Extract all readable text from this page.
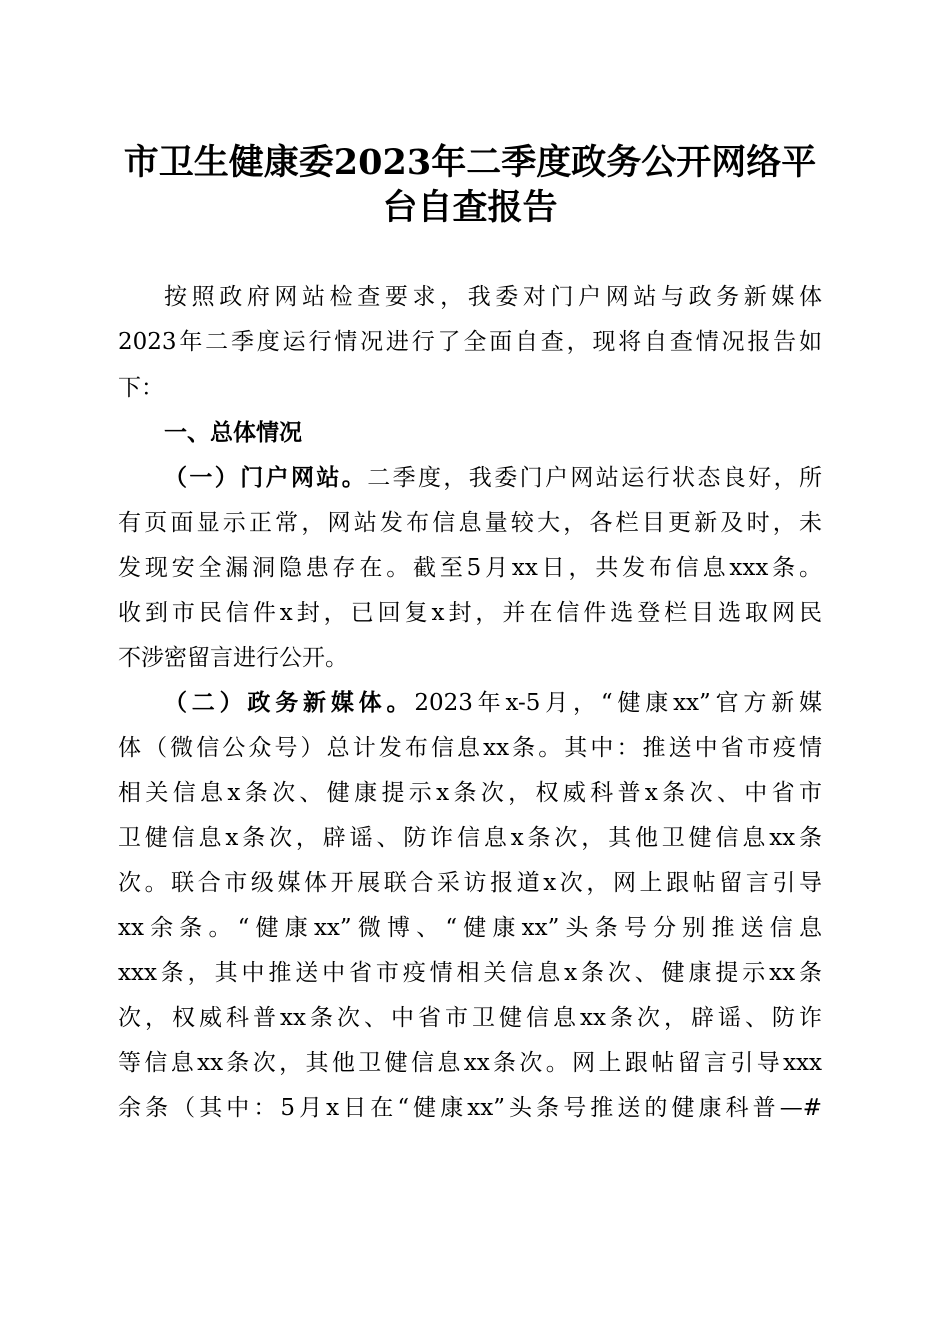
市卫生健康委2023年二季度政务公开网络平
台自查报告
按照政府网站检查要求，我委对门户网站与政务新媒体
2023年二季度运行情况进行了全面自查，现将自查情况报告如
下：
一、总体情况
（一）门户网站。二季度，我委门户网站运行状态良好，所
有页面显示正常，网站发布信息量较大，各栏目更新及时，未
发现安全漏洞隐患存在。截至5月xx日，共发布信息xxx条。
收到市民信件x封，已回复x封，并在信件选登栏目选取网民
不涉密留言进行公开。
（二）政务新媒体。2023年x-5月，“健康xx”官方新媒
体（微信公众号）总计发布信息xx条。其中：推送中省市疫情
相关信息x条次、健康提示x条次，权威科普x条次、中省市
卫健信息x条次，辟谣、防诈信息x条次，其他卫健信息xx条
次。联合市级媒体开展联合采访报道x次，网上跟帖留言引导
xx余条。“健康xx”微博、“健康xx”头条号分别推送信息
xxx条，其中推送中省市疫情相关信息x条次、健康提示xx条
次，权威科普xx条次、中省市卫健信息xx条次，辟谣、防诈
等信息xx条次，其他卫健信息xx条次。网上跟帖留言引导xxx
余条（其中：5月x日在“健康xx”头条号推送的健康科普—#
